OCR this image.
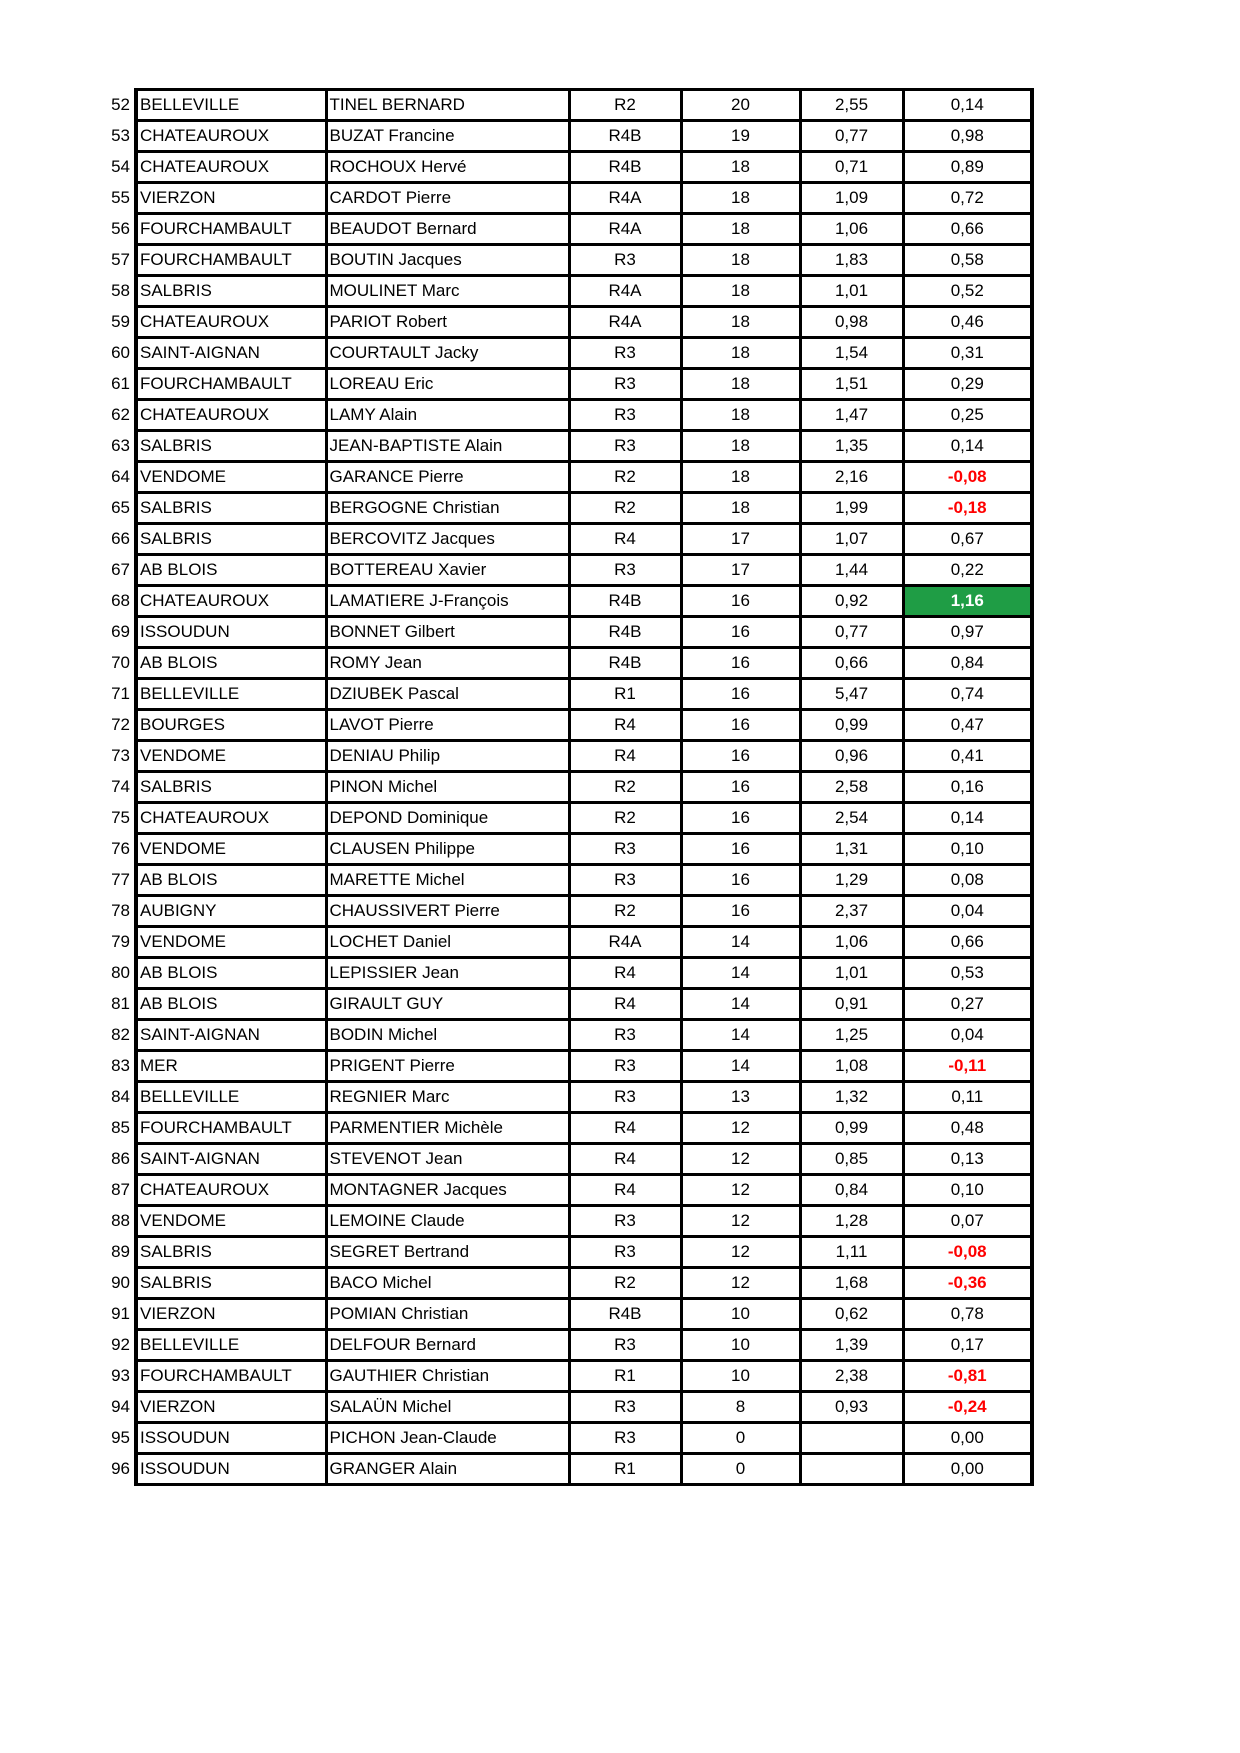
52	BELLEVILLE	TINEL BERNARD	R2	20	2,55	0,14
53	CHATEAUROUX	BUZAT Francine	R4B	19	0,77	0,98
54	CHATEAUROUX	ROCHOUX Hervé	R4B	18	0,71	0,89
55	VIERZON	CARDOT Pierre	R4A	18	1,09	0,72
56	FOURCHAMBAULT	BEAUDOT Bernard	R4A	18	1,06	0,66
57	FOURCHAMBAULT	BOUTIN Jacques	R3	18	1,83	0,58
58	SALBRIS	MOULINET Marc	R4A	18	1,01	0,52
59	CHATEAUROUX	PARIOT Robert	R4A	18	0,98	0,46
60	SAINT-AIGNAN	COURTAULT Jacky	R3	18	1,54	0,31
61	FOURCHAMBAULT	LOREAU Eric	R3	18	1,51	0,29
62	CHATEAUROUX	LAMY Alain	R3	18	1,47	0,25
63	SALBRIS	JEAN-BAPTISTE Alain	R3	18	1,35	0,14
64	VENDOME	GARANCE Pierre	R2	18	2,16	-0,08
65	SALBRIS	BERGOGNE Christian	R2	18	1,99	-0,18
66	SALBRIS	BERCOVITZ Jacques	R4	17	1,07	0,67
67	AB BLOIS	BOTTEREAU Xavier	R3	17	1,44	0,22
68	CHATEAUROUX	LAMATIERE J-François	R4B	16	0,92	1,16
69	ISSOUDUN	BONNET Gilbert	R4B	16	0,77	0,97
70	AB BLOIS	ROMY Jean	R4B	16	0,66	0,84
71	BELLEVILLE	DZIUBEK Pascal	R1	16	5,47	0,74
72	BOURGES	LAVOT Pierre	R4	16	0,99	0,47
73	VENDOME	DENIAU Philip	R4	16	0,96	0,41
74	SALBRIS	PINON Michel	R2	16	2,58	0,16
75	CHATEAUROUX	DEPOND Dominique	R2	16	2,54	0,14
76	VENDOME	CLAUSEN Philippe	R3	16	1,31	0,10
77	AB BLOIS	MARETTE Michel	R3	16	1,29	0,08
78	AUBIGNY	CHAUSSIVERT Pierre	R2	16	2,37	0,04
79	VENDOME	LOCHET Daniel	R4A	14	1,06	0,66
80	AB BLOIS	LEPISSIER Jean	R4	14	1,01	0,53
81	AB BLOIS	GIRAULT GUY	R4	14	0,91	0,27
82	SAINT-AIGNAN	BODIN Michel	R3	14	1,25	0,04
83	MER	PRIGENT Pierre	R3	14	1,08	-0,11
84	BELLEVILLE	REGNIER Marc	R3	13	1,32	0,11
85	FOURCHAMBAULT	PARMENTIER Michèle	R4	12	0,99	0,48
86	SAINT-AIGNAN	STEVENOT Jean	R4	12	0,85	0,13
87	CHATEAUROUX	MONTAGNER Jacques	R4	12	0,84	0,10
88	VENDOME	LEMOINE Claude	R3	12	1,28	0,07
89	SALBRIS	SEGRET Bertrand	R3	12	1,11	-0,08
90	SALBRIS	BACO Michel	R2	12	1,68	-0,36
91	VIERZON	POMIAN Christian	R4B	10	0,62	0,78
92	BELLEVILLE	DELFOUR Bernard	R3	10	1,39	0,17
93	FOURCHAMBAULT	GAUTHIER Christian	R1	10	2,38	-0,81
94	VIERZON	SALAÜN Michel	R3	8	0,93	-0,24
95	ISSOUDUN	PICHON Jean-Claude	R3	0		0,00
96	ISSOUDUN	GRANGER Alain	R1	0		0,00
